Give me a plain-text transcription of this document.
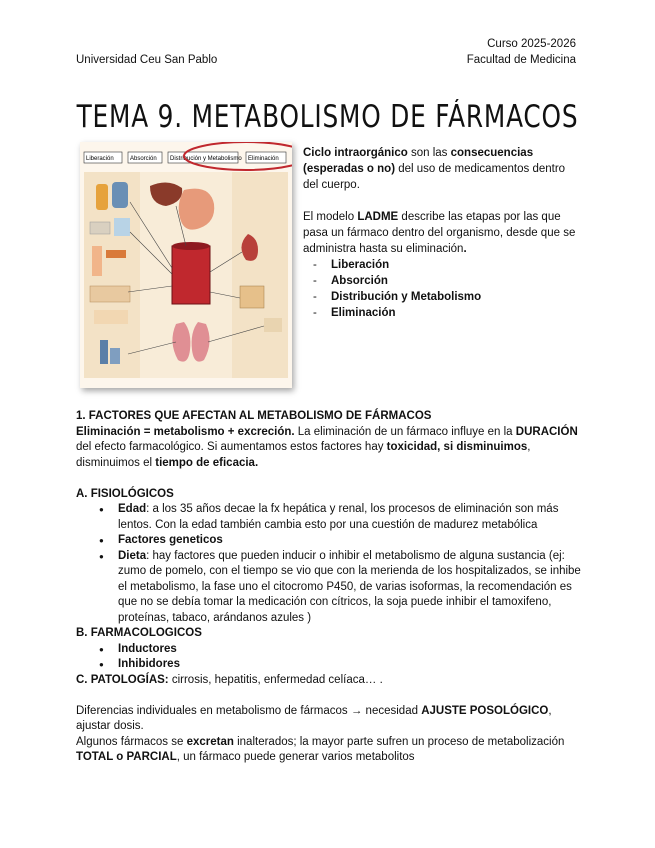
Curso 2025-2026
Universidad Ceu San Pablo	Facultad de Medicina
TEMA 9. METABOLISMO DE FÁRMACOS
Liberación	Absorción Distribución y Metabolismo Eliminación Ciclo intraorgánico son las consecuencias (esperadas o no) del uso de medicamentos dentro del cuerpo.

El modelo LADME describe las etapas por las que pasa un fármaco dentro del organismo, desde que se administra hasta su eliminación.

- Liberación
- Absorción
- Distribución y Metabolismo
- Eliminación

1. FACTORES QUE AFECTAN AL METABOLISMO DE FÁRMACOS

Eliminación = metabolismo + excreción. La eliminación de un fármaco influye en la DURACIÓN del efecto farmacológico. Si aumentamos estos factores hay toxicidad, si disminuimos, disminuimos el tiempo de eficacia.

A. FISIOLÓGICOS

● Edad: a los 35 años decae la fx hepática y renal, los procesos de eliminación son más lentos. Con la edad también cambia esto por una cuestión de madurez metabólica
● Factores geneticos
● Dieta: hay factores que pueden inducir o inhibir el metabolismo de alguna sustancia (ej: zumo de pomelo, con el tiempo se vio que con la merienda de los hospitalizados, se inhibe el metabolismo, la fase uno el citocromo P450, de varias isoformas, la recomendación es que no se debía tomar la medicación con cítricos, la soja puede inhibir el tamoxifeno, proteínas, tabaco, arándanos azules )

B. FARMACOLOGICOS

● Inductores
● Inhibidores

C. PATOLOGÍAS: cirrosis, hepatitis, enfermedad celíaca… .

Diferencias individuales en metabolismo de fármacos → necesidad AJUSTE POSOLÓGICO, ajustar dosis.

Algunos fármacos se excretan inalterados; la mayor parte sufren un proceso de metabolización TOTAL o PARCIAL, un fármaco puede generar varios metabolitos
